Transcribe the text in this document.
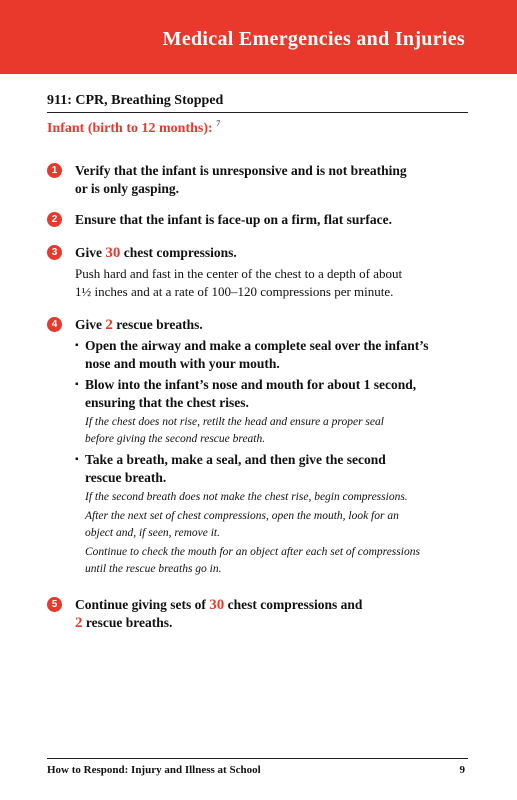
Medical Emergencies and Injuries
911: CPR, Breathing Stopped
Infant (birth to 12 months): $^7$
1	Verify that the infant is unresponsive and is not breathing
or is only gasping.
2	Ensure that the infant is face-up on a firm, flat surface.
3	Give 30 chest compressions.
Push hard and fast in the center of the chest to a depth of about
1½ inches and at a rate of 100–120 compressions per minute.
4	Give 2 rescue breaths.
▪ Open the airway and make a complete seal over the infant’s
nose and mouth with your mouth.
▪ Blow into the infant’s nose and mouth for about 1 second,
ensuring that the chest rises.
If the chest does not rise, retilt the head and ensure a proper seal
before giving the second rescue breath.
▪ Take a breath, make a seal, and then give the second
rescue breath.
If the second breath does not make the chest rise, begin compressions.
After the next set of chest compressions, open the mouth, look for an
object and, if seen, remove it.
Continue to check the mouth for an object after each set of compressions
until the rescue breaths go in.
5	Continue giving sets of 30 chest compressions and
2 rescue breaths.
How to Respond: Injury and Illness at School	9
